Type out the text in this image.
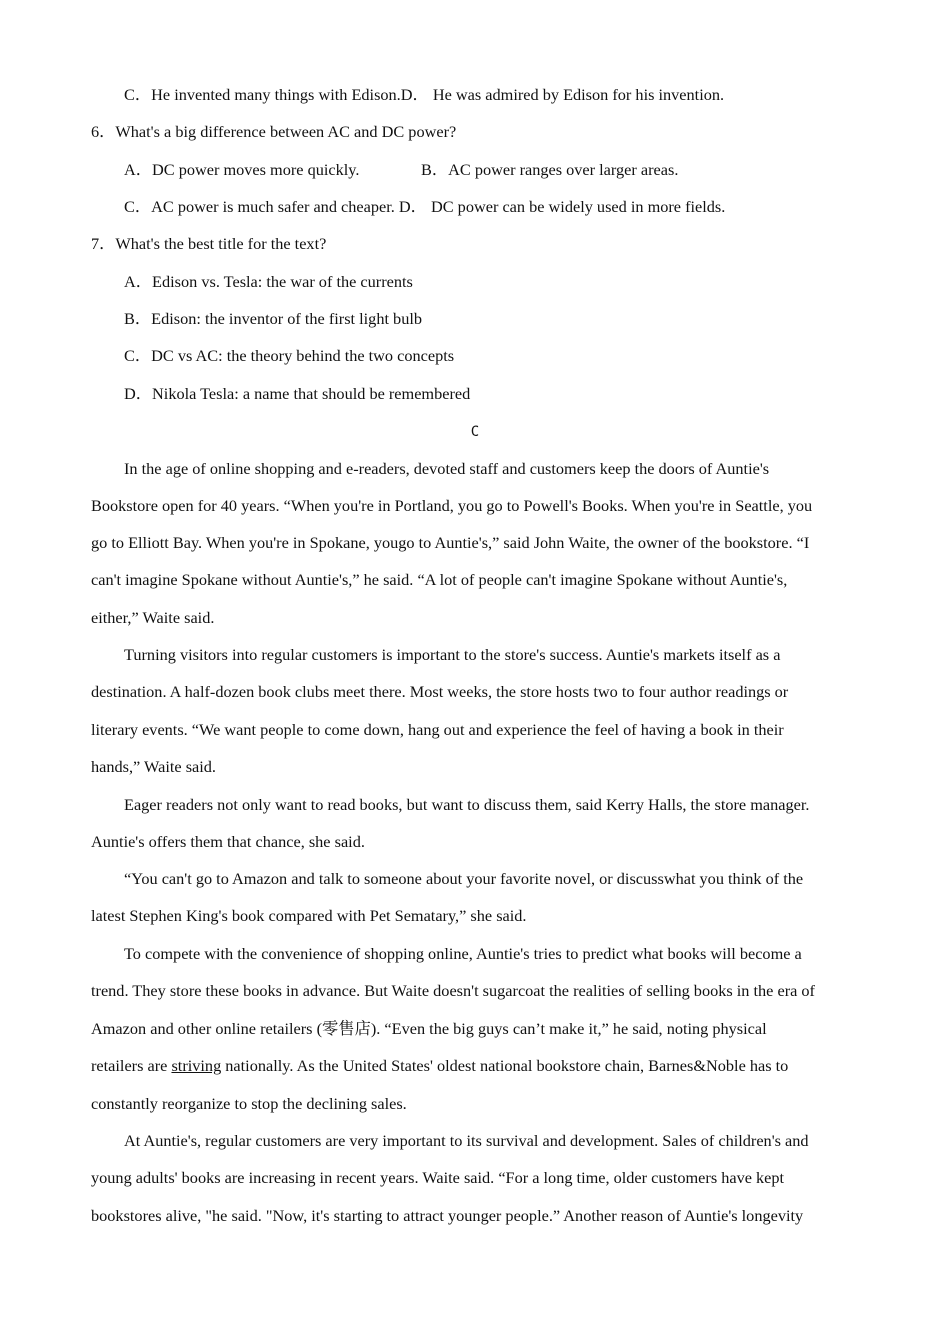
C．He invented many things with Edison.D． He was admired by Edison for his invention.
6．What's a big difference between AC and DC power?
A．DC power moves more quickly.	B．AC power ranges over larger areas.
C．AC power is much safer and cheaper. D． DC power can be widely used in more fields.
7．What's the best title for the text?
A．Edison vs. Tesla: the war of the currents
B．Edison: the inventor of the first light bulb
C．DC vs AC: the theory behind the two concepts
D．Nikola Tesla: a name that should be remembered
C
In the age of online shopping and e-readers, devoted staff and customers keep the doors of Auntie's
Bookstore open for 40 years. “When you're in Portland, you go to Powell's Books. When you're in Seattle, you
go to Elliott Bay. When you're in Spokane, yougo to Auntie's,” said John Waite, the owner of the bookstore. “I
can't imagine Spokane without Auntie's,” he said. “A lot of people can't imagine Spokane without Auntie's,
either,” Waite said.
Turning visitors into regular customers is important to the store's success. Auntie's markets itself as a
destination. A half-dozen book clubs meet there. Most weeks, the store hosts two to four author readings or
literary events. “We want people to come down, hang out and experience the feel of having a book in their
hands,” Waite said.
Eager readers not only want to read books, but want to discuss them, said Kerry Halls, the store manager.
Auntie's offers them that chance, she said.
“You can't go to Amazon and talk to someone about your favorite novel, or discusswhat you think of the
latest Stephen King's book compared with Pet Sematary,” she said.
To compete with the convenience of shopping online, Auntie's tries to predict what books will become a
trend. They store these books in advance. But Waite doesn't sugarcoat the realities of selling books in the era of
Amazon and other online retailers (零售店). “Even the big guys can’t make it,” he said, noting physical
retailers are striving nationally. As the United States' oldest national bookstore chain, Barnes&Noble has to
constantly reorganize to stop the declining sales.
At Auntie's, regular customers are very important to its survival and development. Sales of children's and
young adults' books are increasing in recent years. Waite said. “For a long time, older customers have kept
bookstores alive, "he said. "Now, it's starting to attract younger people.” Another reason of Auntie's longevity
